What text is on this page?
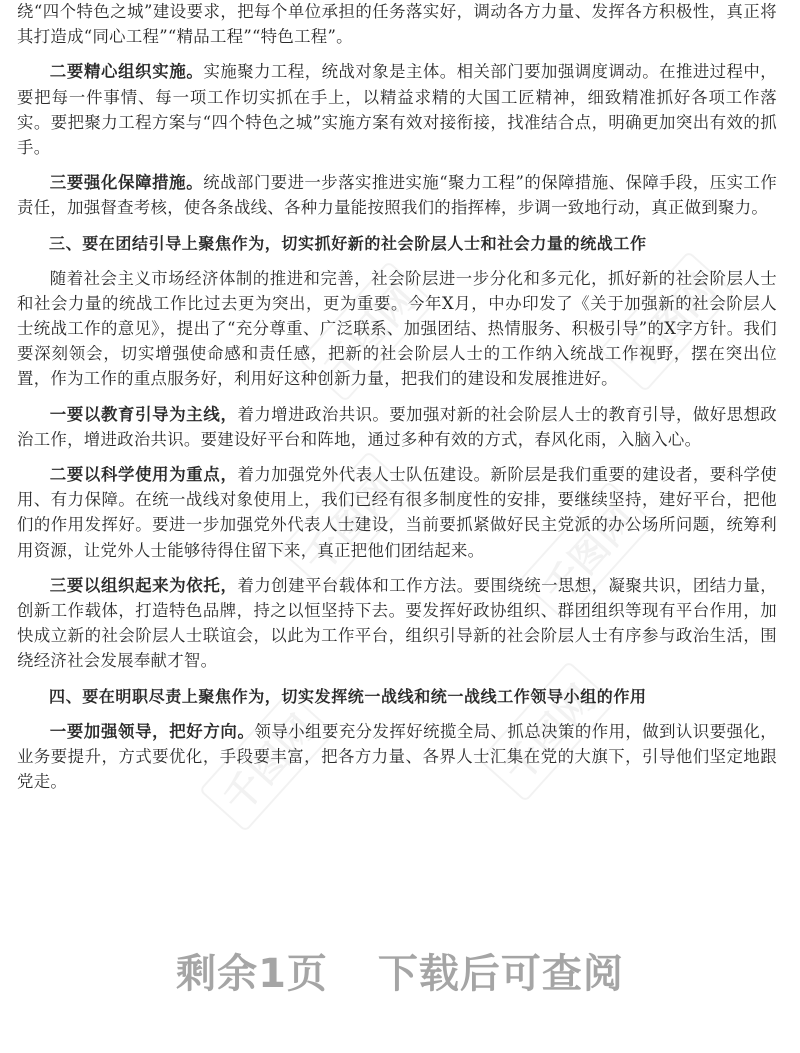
千图网	千图网
千图网	千图网
千图网	千图网

绕“四个特色之城”建设要求，把每个单位承担的任务落实好，调动各方力量、发挥各方积极性，真正将其打造成“同心工程”“精品工程”“特色工程”。

二要精心组织实施。实施聚力工程，统战对象是主体。相关部门要加强调度调动。在推进过程中，要把每一件事情、每一项工作切实抓在手上，以精益求精的大国工匠精神，细致精准抓好各项工作落实。要把聚力工程方案与“四个特色之城”实施方案有效对接衔接，找准结合点，明确更加突出有效的抓手。

三要强化保障措施。统战部门要进一步落实推进实施“聚力工程”的保障措施、保障手段，压实工作责任，加强督查考核，使各条战线、各种力量能按照我们的指挥棒，步调一致地行动，真正做到聚力。

三、要在团结引导上聚焦作为，切实抓好新的社会阶层人士和社会力量的统战工作

随着社会主义市场经济体制的推进和完善，社会阶层进一步分化和多元化，抓好新的社会阶层人士和社会力量的统战工作比过去更为突出，更为重要。今年X月，中办印发了《关于加强新的社会阶层人士统战工作的意见》，提出了“充分尊重、广泛联系、加强团结、热情服务、积极引导”的X字方针。我们要深刻领会，切实增强使命感和责任感，把新的社会阶层人士的工作纳入统战工作视野，摆在突出位置，作为工作的重点服务好，利用好这种创新力量，把我们的建设和发展推进好。

一要以教育引导为主线，着力增进政治共识。要加强对新的社会阶层人士的教育引导，做好思想政治工作，增进政治共识。要建设好平台和阵地，通过多种有效的方式，春风化雨，入脑入心。

二要以科学使用为重点，着力加强党外代表人士队伍建设。新阶层是我们重要的建设者，要科学使用、有力保障。在统一战线对象使用上，我们已经有很多制度性的安排，要继续坚持，建好平台，把他们的作用发挥好。要进一步加强党外代表人士建设，当前要抓紧做好民主党派的办公场所问题，统筹利用资源，让党外人士能够待得住留下来，真正把他们团结起来。

三要以组织起来为依托，着力创建平台载体和工作方法。要围绕统一思想，凝聚共识，团结力量，创新工作载体，打造特色品牌，持之以恒坚持下去。要发挥好政协组织、群团组织等现有平台作用，加快成立新的社会阶层人士联谊会，以此为工作平台，组织引导新的社会阶层人士有序参与政治生活，围绕经济社会发展奉献才智。

四、要在明职尽责上聚焦作为，切实发挥统一战线和统一战线工作领导小组的作用

一要加强领导，把好方向。领导小组要充分发挥好统揽全局、抓总决策的作用，做到认识要强化，业务要提升，方式要优化，手段要丰富，把各方力量、各界人士汇集在党的大旗下，引导他们坚定地跟党走。

剩余1页 下载后可查阅
